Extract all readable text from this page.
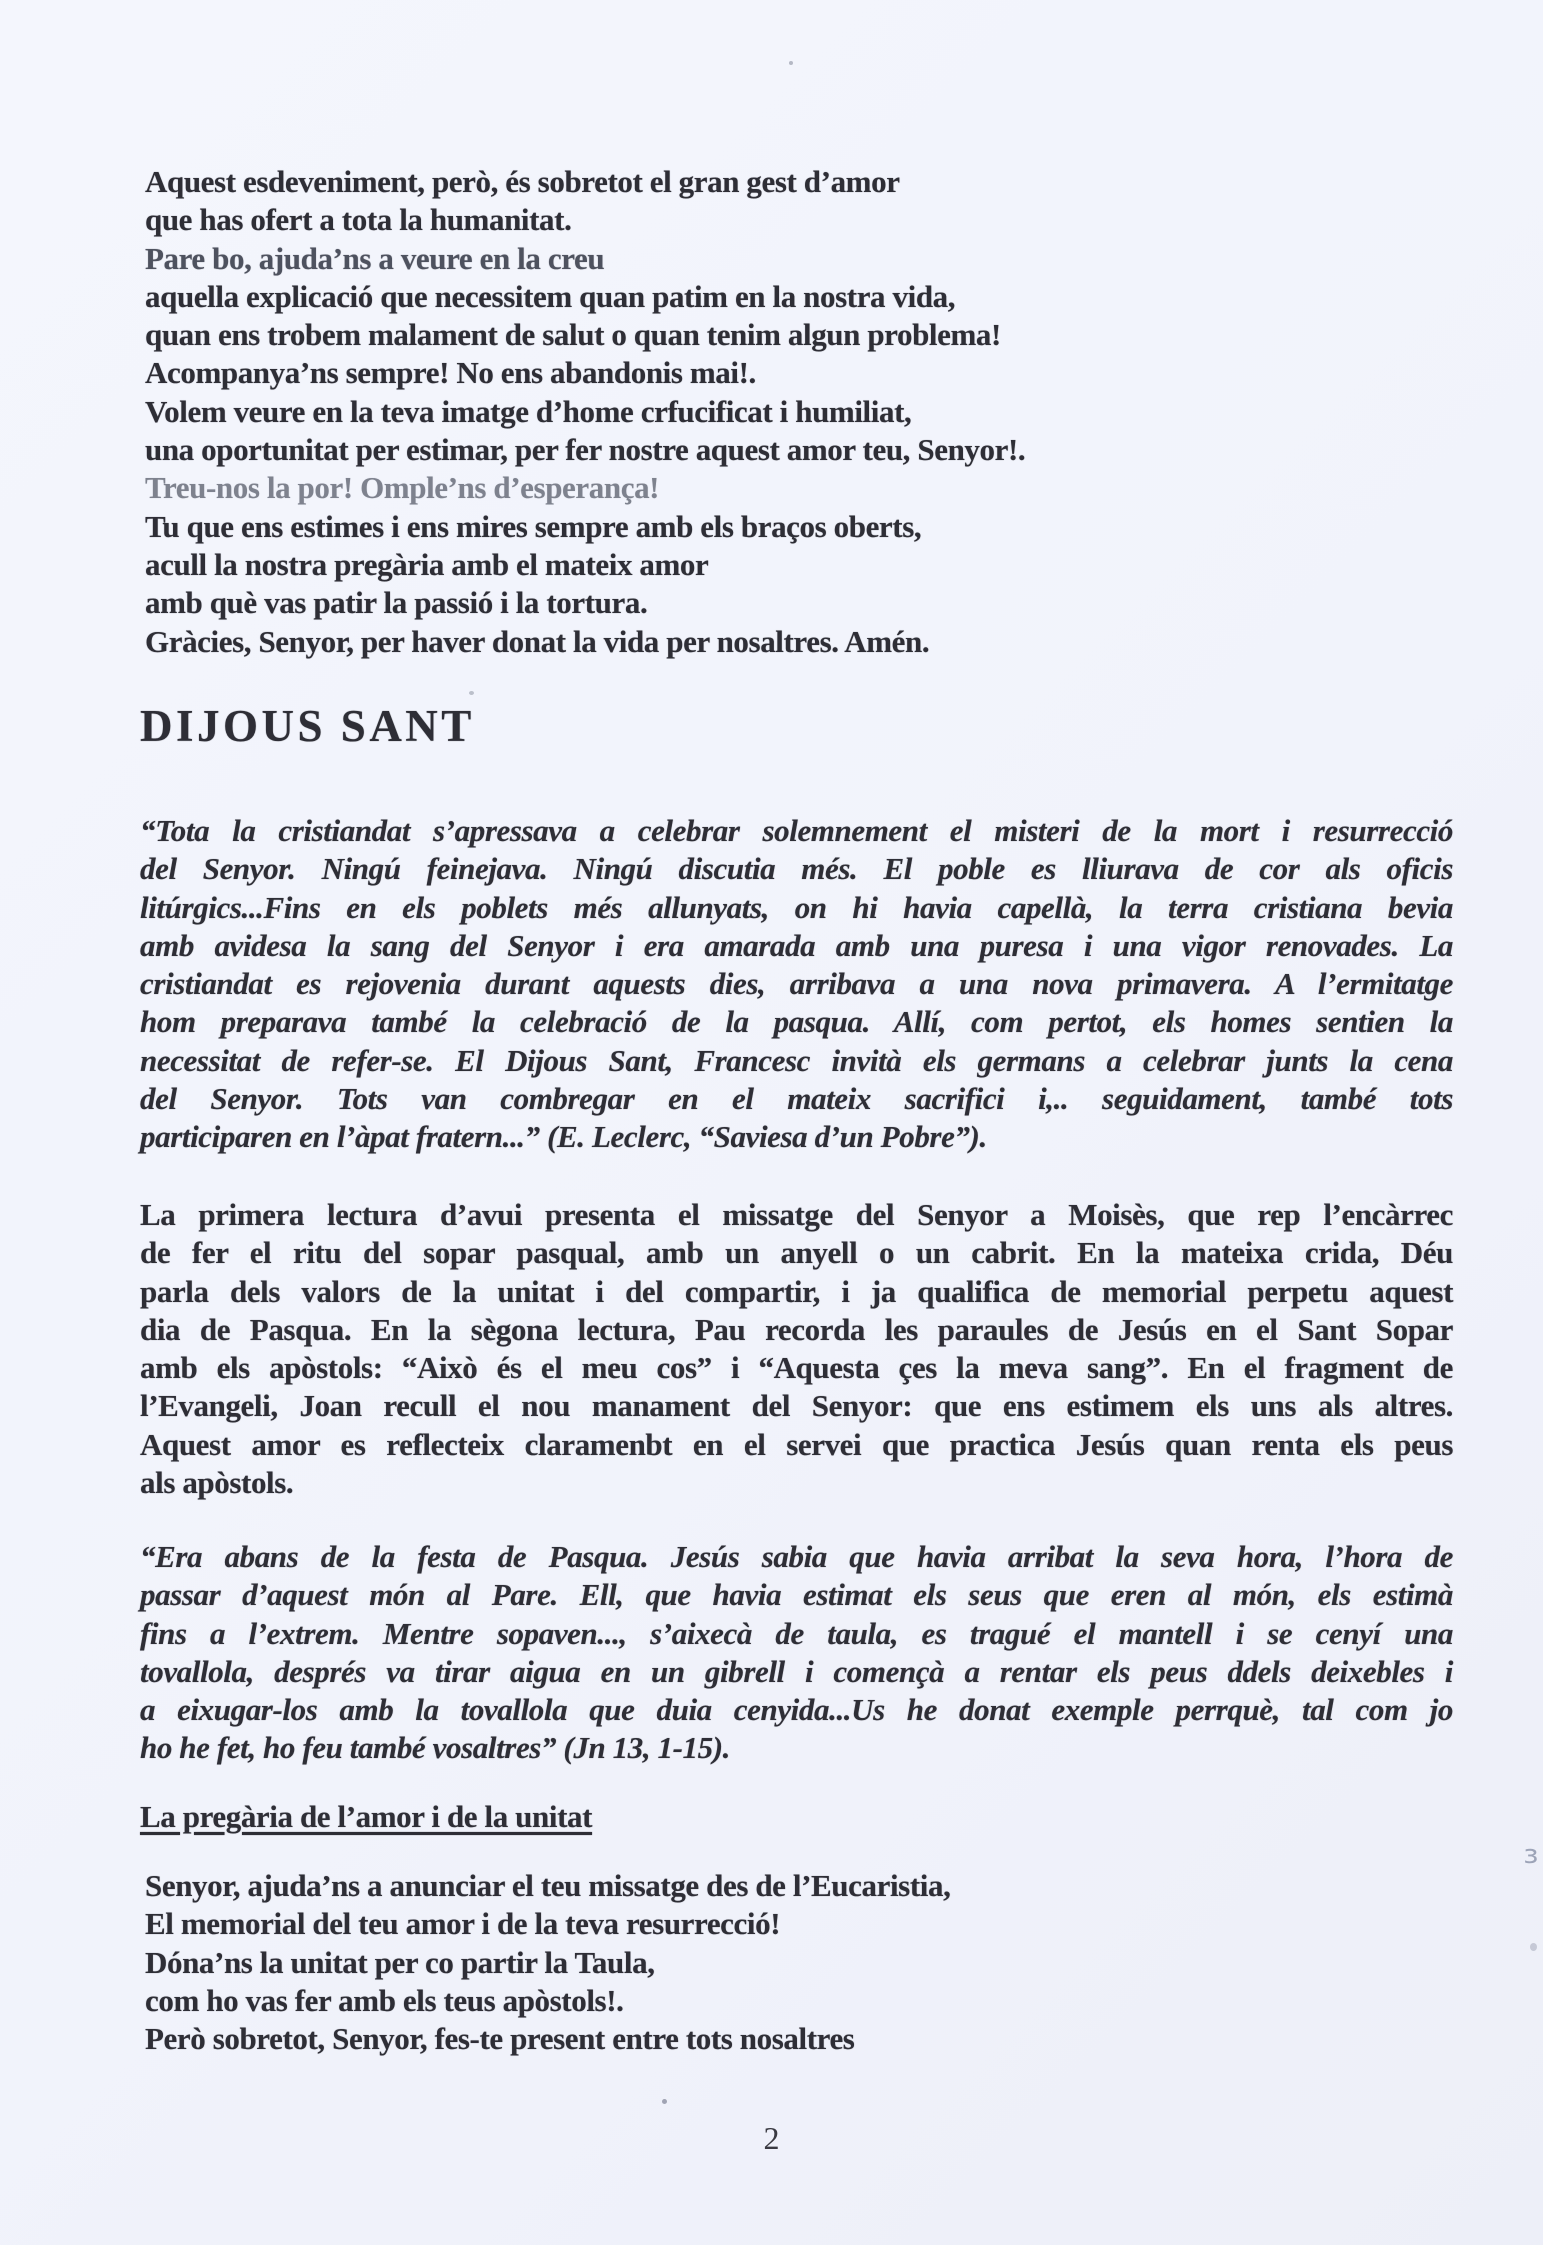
Aquest esdeveniment, però, és sobretot el gran gest d’amor
que has ofert a tota la humanitat.
Pare bo, ajuda’ns a veure en la creu
aquella explicació que necessitem quan patim en la nostra vida,
quan ens trobem malament de salut o quan tenim algun problema!
Acompanya’ns sempre! No ens abandonis mai!.
Volem veure en la teva imatge d’home crfucificat i humiliat,
una oportunitat per estimar, per fer nostre aquest amor teu, Senyor!.
Treu-nos la por! Omple’ns d’esperança!
Tu que ens estimes i ens mires sempre amb els braços oberts,
acull la nostra pregària amb el mateix amor
amb què vas patir la passió i la tortura.
Gràcies, Senyor, per haver donat la vida per nosaltres. Amén.
DIJOUS SANT
“Tota la cristiandat s’apressava a celebrar solemnement el misteri de la mort i resurrecció
del Senyor. Ningú feinejava. Ningú discutia més. El poble es lliurava de cor als oficis
litúrgics...Fins en els poblets més allunyats, on hi havia capellà, la terra cristiana bevia
amb avidesa la sang del Senyor i era amarada amb una puresa i una vigor renovades. La
cristiandat es rejovenia durant aquests dies, arribava a una nova primavera. A l’ermitatge
hom preparava també la celebració de la pasqua. Allí, com pertot, els homes sentien la
necessitat de refer-se. El Dijous Sant, Francesc invità els germans a celebrar junts la cena
del Senyor. Tots van combregar en el mateix sacrifici i,.. seguidament, també tots
participaren en l’àpat fratern...” (E. Leclerc, “Saviesa d’un Pobre”).
La primera lectura d’avui presenta el missatge del Senyor a Moisès, que rep l’encàrrec
de fer el ritu del sopar pasqual, amb un anyell o un cabrit. En la mateixa crida, Déu
parla dels valors de la unitat i del compartir, i ja qualifica de memorial perpetu aquest
dia de Pasqua. En la sègona lectura, Pau recorda les paraules de Jesús en el Sant Sopar
amb els apòstols: “Això és el meu cos” i “Aquesta çes la meva sang”. En el fragment de
l’Evangeli, Joan recull el nou manament del Senyor: que ens estimem els uns als altres.
Aquest amor es reflecteix claramenbt en el servei que practica Jesús quan renta els peus
als apòstols.
“Era abans de la festa de Pasqua. Jesús sabia que havia arribat la seva hora, l’hora de
passar d’aquest món al Pare. Ell, que havia estimat els seus que eren al món, els estimà
fins a l’extrem. Mentre sopaven..., s’aixecà de taula, es tragué el mantell i se cenyí una
tovallola, després va tirar aigua en un gibrell i començà a rentar els peus ddels deixebles i
a eixugar-los amb la tovallola que duia cenyida...Us he donat exemple perrquè, tal com jo
ho he fet, ho feu també vosaltres” (Jn 13, 1-15).
La pregària de l’amor i de la unitat
Senyor, ajuda’ns a anunciar el teu missatge des de l’Eucaristia,
El memorial del teu amor i de la teva resurrecció!
Dóna’ns la unitat per co partir la Taula,
com ho vas fer amb els teus apòstols!.
Però sobretot, Senyor, fes-te present entre tots nosaltres
2
ɜ
